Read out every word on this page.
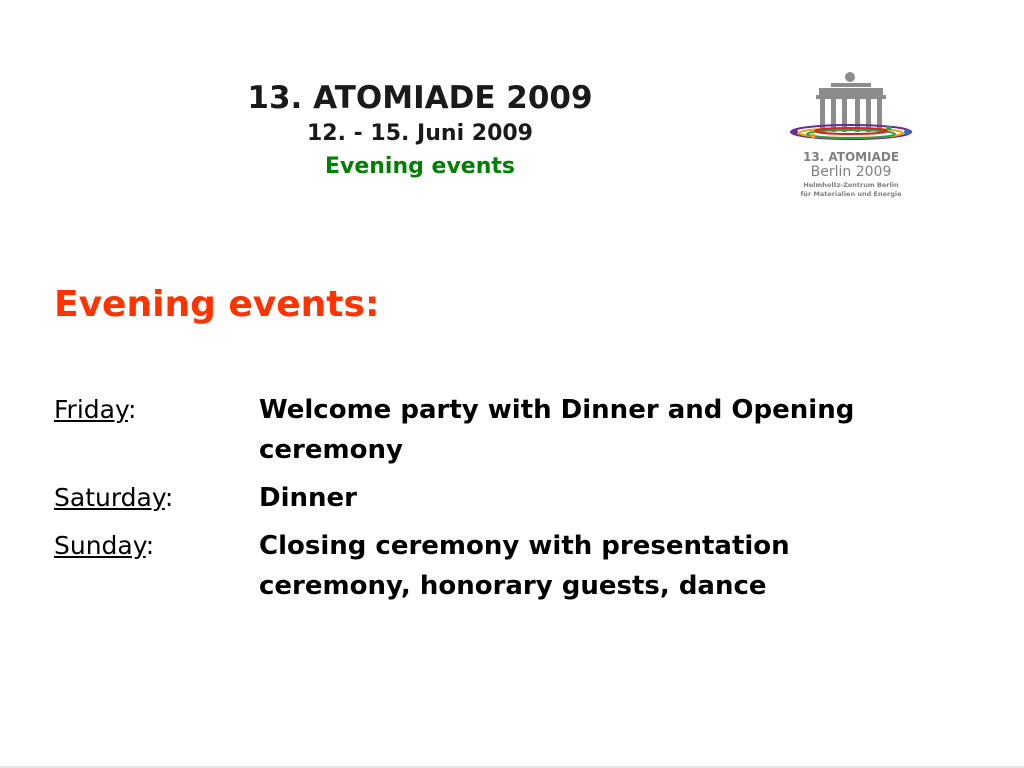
13. ATOMIADE 2009
12. - 15. Juni 2009
Evening events	13. ATOMIADE
Berlin 2009
Helmholtz-Zentrum Berlin
für Materialien und Energie
Evening events:
Friday:	Welcome party with Dinner and Opening ceremony
Saturday:	Dinner
Sunday:	Closing ceremony with presentation ceremony, honorary guests, dance
